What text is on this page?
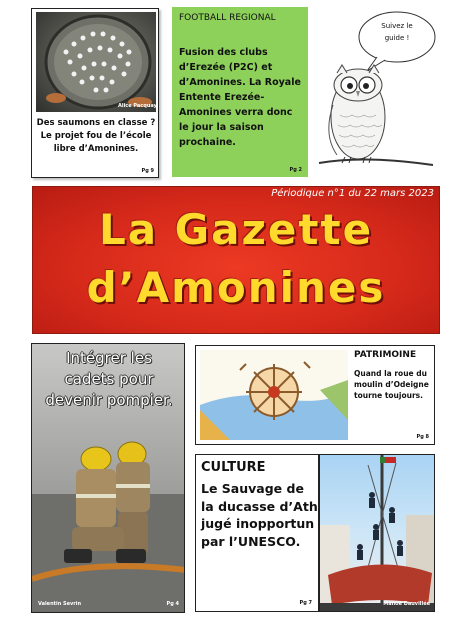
Alice Pacquay
Des saumons en classe ? Le projet fou de l’école libre d’Amonines.
Pg 9
FOOTBALL REGIONAL
Fusion des clubs d’Erezée (P2C) et d’Amonines. La Royale Entente Erezée-Amonines verra donc le jour la saison prochaine.
Pg 2
Suivez le guide !
Périodique n°1 du 22 mars 2023
La Gazette
d’Amonines
Intégrer les cadets pour devenir pompier.
Valentin Sevrin	Pg 4
PATRIMOINE
Quand la roue du moulin d’Odeigne tourne toujours.
Pg 8
CULTURE
Le Sauvage de la ducasse d’Ath jugé inopportun par l’UNESCO.
Pg 7	Manoë Dauvillée
